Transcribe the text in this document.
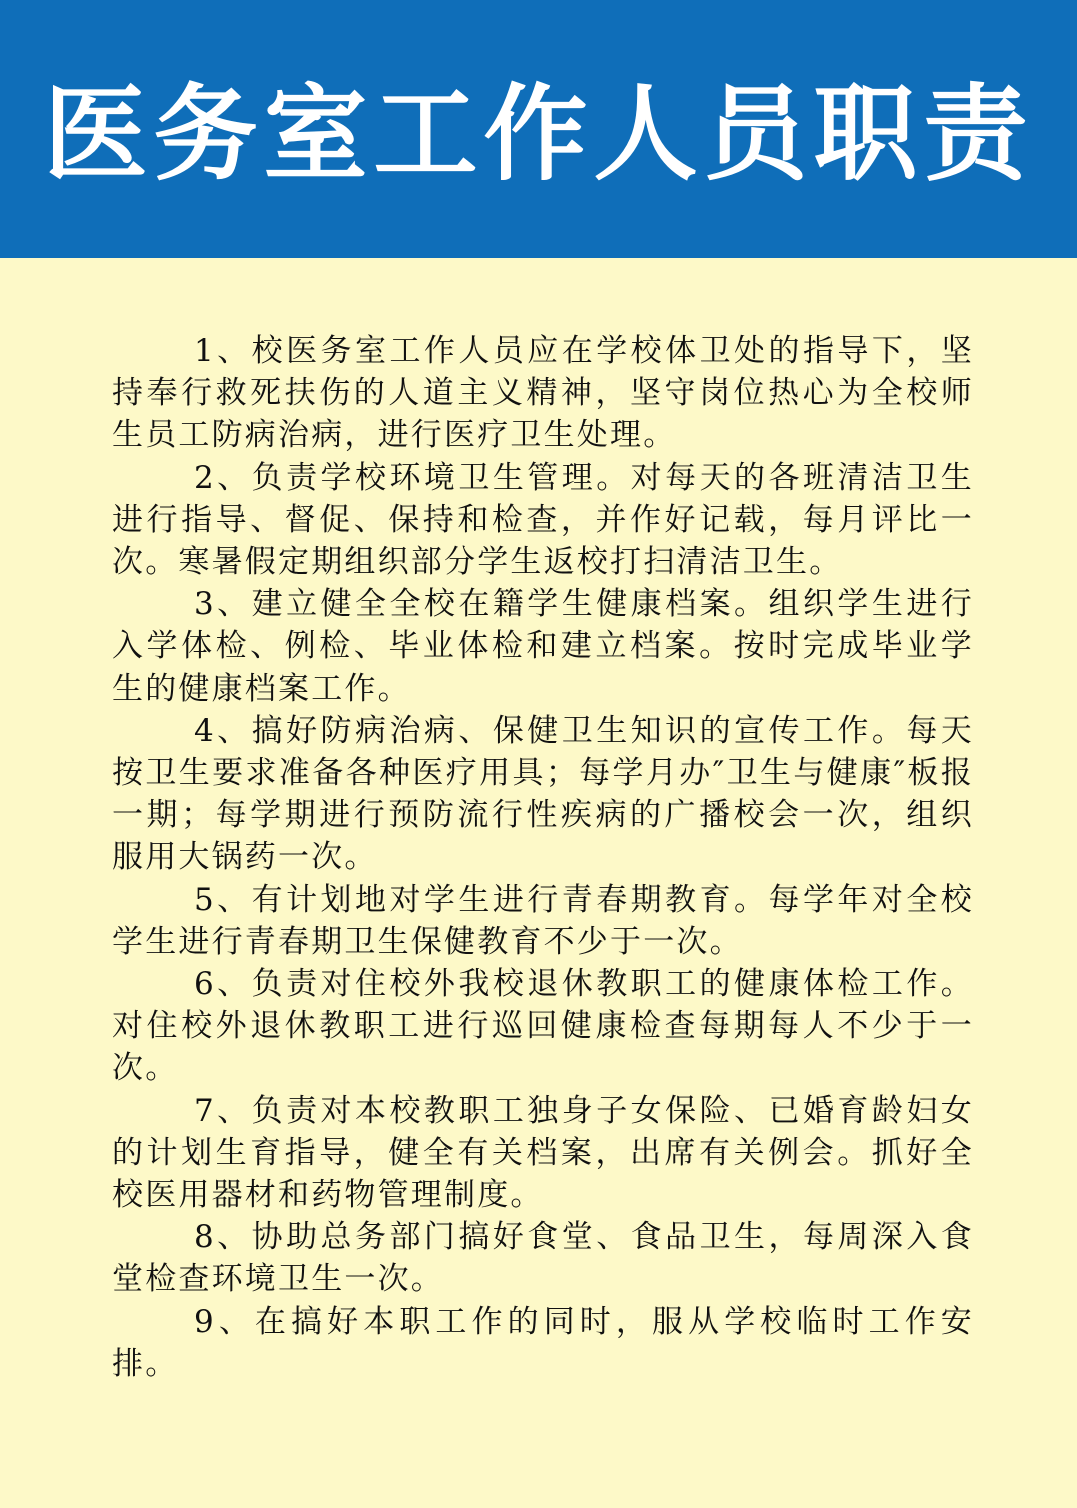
医务室工作人员职责

1、校医务室工作人员应在学校体卫处的指导下，坚持奉行救死扶伤的人道主义精神，坚守岗位热心为全校师生员工防病治病，进行医疗卫生处理。

2、负责学校环境卫生管理。对每天的各班清洁卫生进行指导、督促、保持和检查，并作好记载，每月评比一次。寒暑假定期组织部分学生返校打扫清洁卫生。

3、建立健全全校在籍学生健康档案。组织学生进行入学体检、例检、毕业体检和建立档案。按时完成毕业学生的健康档案工作。

4、搞好防病治病、保健卫生知识的宣传工作。每天按卫生要求准备各种医疗用具；每学月办″卫生与健康″板报一期；每学期进行预防流行性疾病的广播校会一次，组织服用大锅药一次。

5、有计划地对学生进行青春期教育。每学年对全校学生进行青春期卫生保健教育不少于一次。

6、负责对住校外我校退休教职工的健康体检工作。对住校外退休教职工进行巡回健康检查每期每人不少于一次。

7、负责对本校教职工独身子女保险、已婚育龄妇女的计划生育指导，健全有关档案，出席有关例会。抓好全校医用器材和药物管理制度。

8、协助总务部门搞好食堂、食品卫生，每周深入食堂检查环境卫生一次。

9、在搞好本职工作的同时，服从学校临时工作安排。
